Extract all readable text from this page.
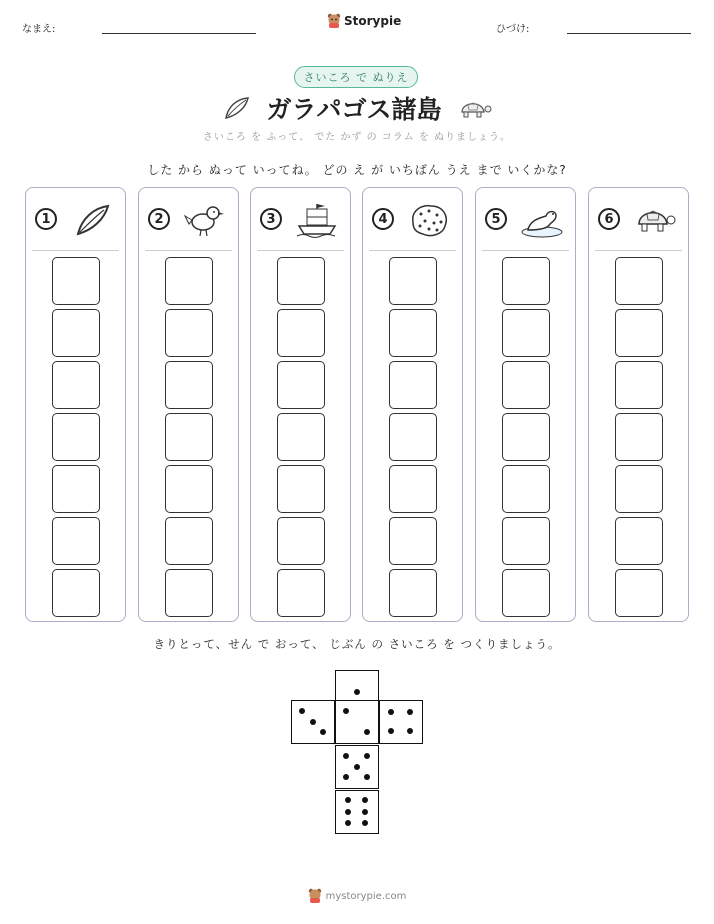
なまえ:
Storypie
ひづけ:
さいころ で ぬりえ
ガラパゴス諸島
さいころ を ふって、 でた かず の コラム を ぬりましょう。
した から ぬって いってね。 どの え が いちばん うえ まで いくかな?
1	2	3	4	5	6
きりとって、せん で おって、 じぶん の さいころ を つくりましょう。
mystorypie.com
